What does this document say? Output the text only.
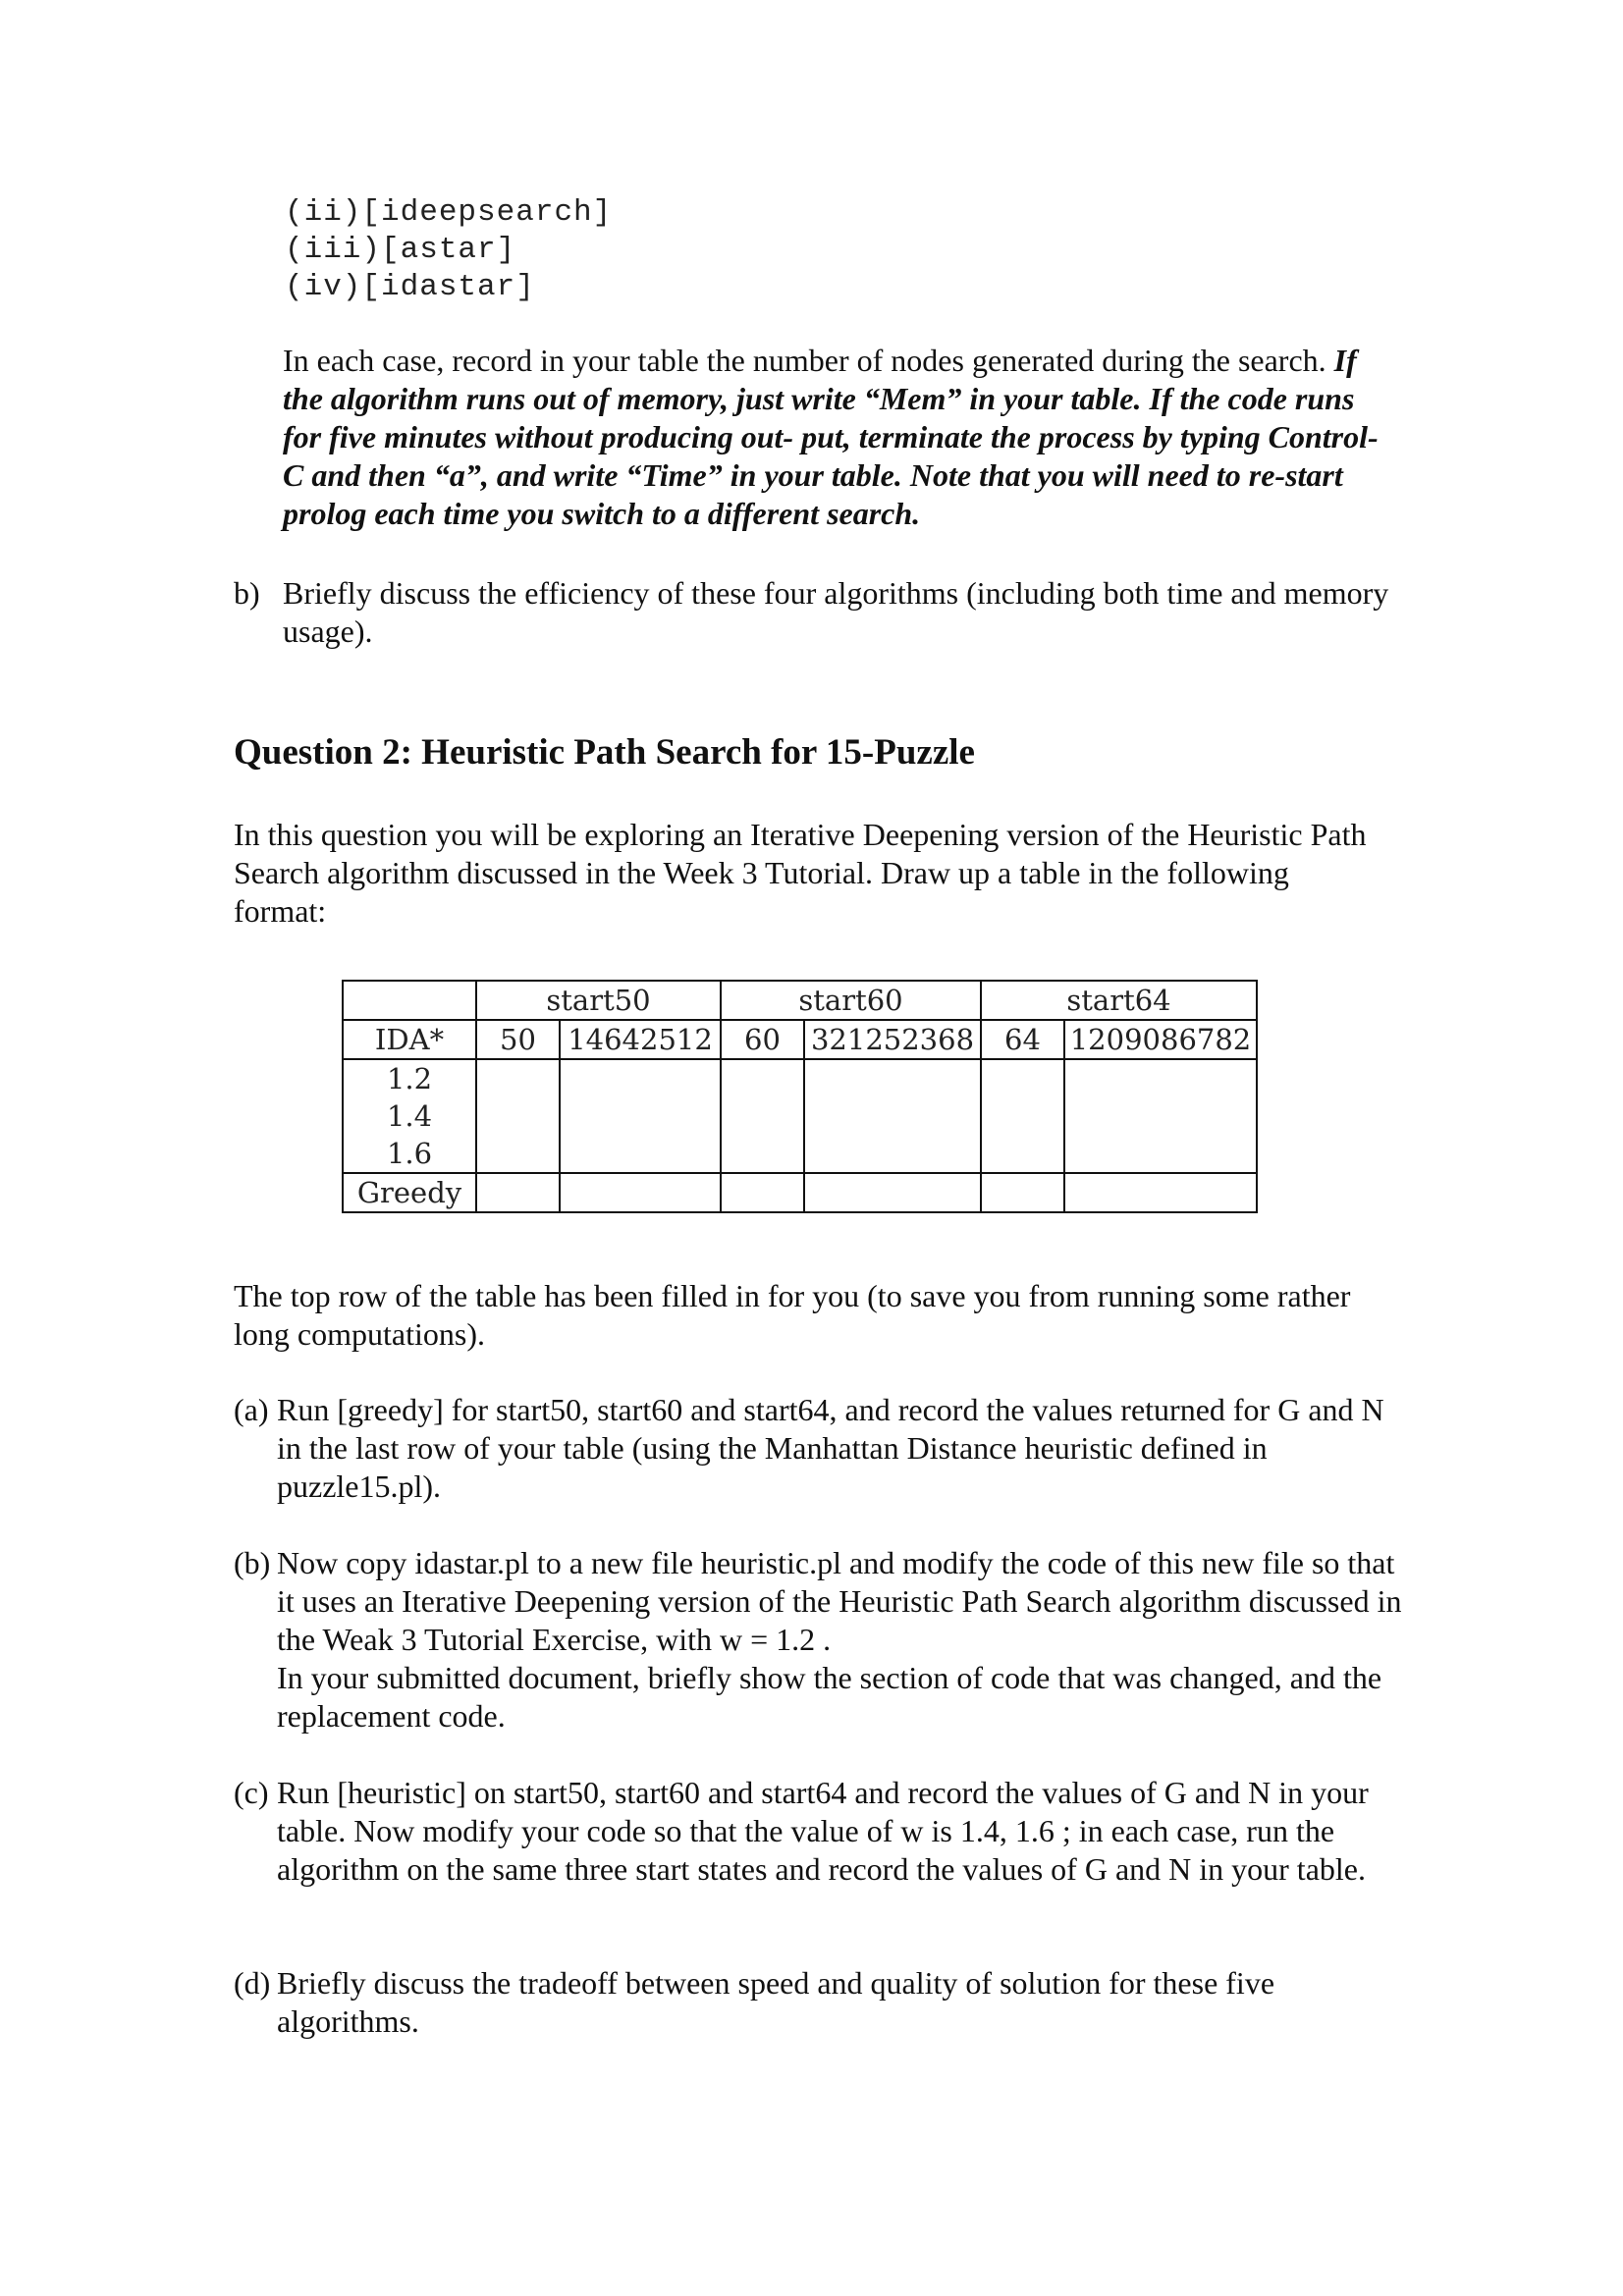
(ii)[ideepsearch]
(iii)[astar]
(iv)[idastar]
In each case, record in your table the number of nodes generated during the search. If the algorithm runs out of memory, just write “Mem” in your table. If the code runs for five minutes without producing out- put, terminate the process by typing Control-C and then “a”, and write “Time” in your table. Note that you will need to re-start prolog each time you switch to a different search.
b) Briefly discuss the efficiency of these four algorithms (including both time and memory usage).
Question 2: Heuristic Path Search for 15-Puzzle
In this question you will be exploring an Iterative Deepening version of the Heuristic Path Search algorithm discussed in the Week 3 Tutorial. Draw up a table in the following format:
	start50		start60		start64	
IDA*	50	14642512	60	321252368	64	1209086782
1.2						
1.4						
1.6						
Greedy						
The top row of the table has been filled in for you (to save you from running some rather long computations).
(a) Run [greedy] for start50, start60 and start64, and record the values returned for G and N in the last row of your table (using the Manhattan Distance heuristic defined in puzzle15.pl).
(b) Now copy idastar.pl to a new file heuristic.pl and modify the code of this new file so that it uses an Iterative Deepening version of the Heuristic Path Search algorithm discussed in the Weak 3 Tutorial Exercise, with w = 1.2 .
In your submitted document, briefly show the section of code that was changed, and the replacement code.
(c) Run [heuristic] on start50, start60 and start64 and record the values of G and N in your table. Now modify your code so that the value of w is 1.4, 1.6 ; in each case, run the algorithm on the same three start states and record the values of G and N in your table.
(d) Briefly discuss the tradeoff between speed and quality of solution for these five algorithms.
